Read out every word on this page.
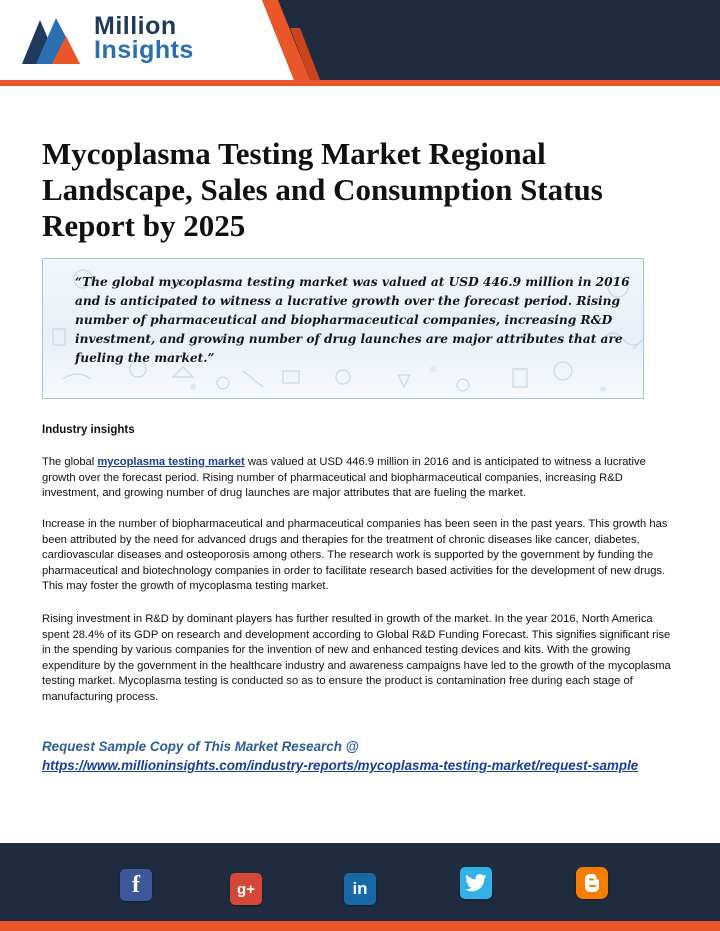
Million
Insights
Mycoplasma Testing Market Regional Landscape, Sales and Consumption Status Report by 2025

“The global mycoplasma testing market was valued at USD 446.9 million in 2016 and is anticipated to witness a lucrative growth over the forecast period. Rising number of pharmaceutical and biopharmaceutical companies, increasing R&D investment, and growing number of drug launches are major attributes that are fueling the market.”

Industry insights

The global mycoplasma testing market was valued at USD 446.9 million in 2016 and is anticipated to witness a lucrative growth over the forecast period. Rising number of pharmaceutical and biopharmaceutical companies, increasing R&D investment, and growing number of drug launches are major attributes that are fueling the market.

Increase in the number of biopharmaceutical and pharmaceutical companies has been seen in the past years. This growth has been attributed by the need for advanced drugs and therapies for the treatment of chronic diseases like cancer, diabetes, cardiovascular diseases and osteoporosis among others. The research work is supported by the government by funding the pharmaceutical and biotechnology companies in order to facilitate research based activities for the development of new drugs. This may foster the growth of mycoplasma testing market.

Rising investment in R&D by dominant players has further resulted in growth of the market. In the year 2016, North America spent 28.4% of its GDP on research and development according to Global R&D Funding Forecast. This signifies significant rise in the spending by various companies for the invention of new and enhanced testing devices and kits. With the growing expenditure by the government in the healthcare industry and awareness campaigns have led to the growth of the mycoplasma testing market. Mycoplasma testing is conducted so as to ensure the product is contamination free during each stage of manufacturing process.

Request Sample Copy of This Market Research @

https://www.millioninsights.com/industry-reports/mycoplasma-testing-market/request-sample
f	g+	in
